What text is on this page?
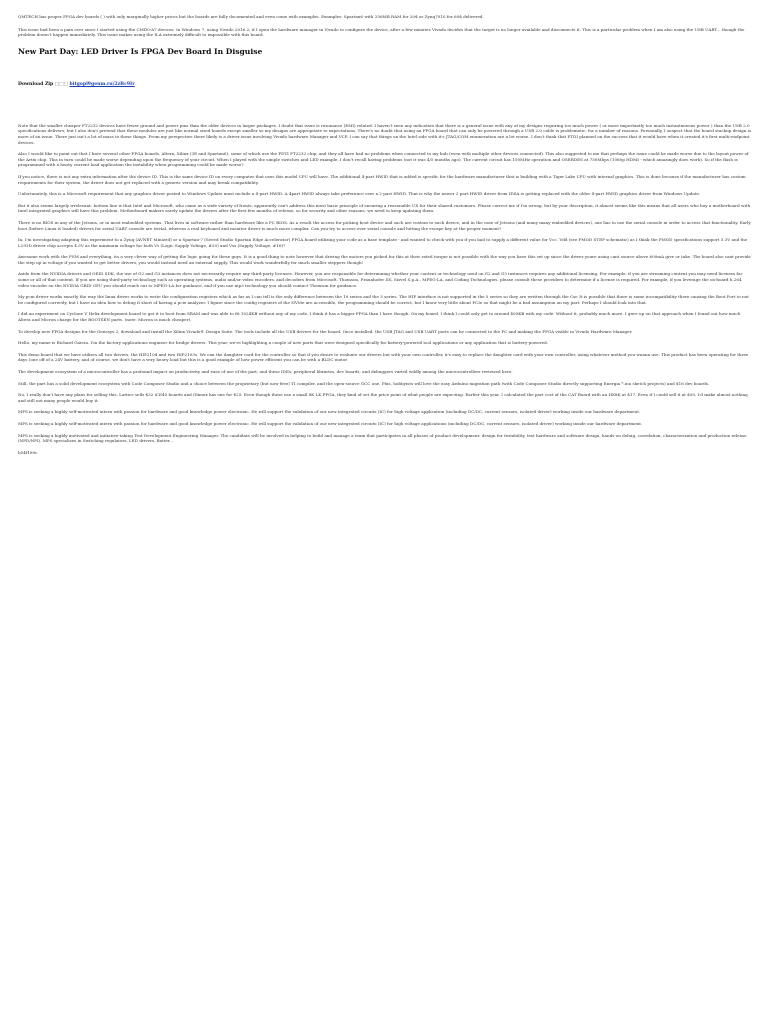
QMTECH has proper FPGA dev boards ( ) with only marginally higher prices but the boards are fully documented and even come with examples. Examples: Spartan6 with 256MB RAM for 20$ or Zynq7010 for 60$ delivered.

This issue had been a pain ever since I started using the CMD0-A7 devices. In Windows 7, using Vivado 2016.2, if I open the hardware manager in Vivado to configure the device, after a few minutes Vivado decides that the target is no longer available and disconnects it. This is a particular problem when I am also using the USB UART... though the problem doesn't happen immediately. This issue makes using the ILA extremely difficult to impossible with this board.

New Part Day: LED Driver Is FPGA Dev Board In Disguise
Download Zip ⬚⬚⬚ bitgopl9genm.ru/2zBc9Ir

Note that the smaller cheaper FT2232 devices have fewer ground and power pins than the older devices in larger packages. I doubt that issue is resonance (EMI) related. I haven't seen any indication that there is a general issue with any of my designs requiring too much power ( or more importantly too much instantaneous power ) than the USB 2.0 specifications delivers; but I also don't pretend that these modules are just like normal sized boards except smaller so my designs are appropriate to expectations. There's no doubt that using an FPGA board that can only be powered through a USB 2.0 cable is problematic; for a number of reasons. Personally, I suspect that the board stackup design is more of an issue. There just isn't a lot of mass to these things. From my perspective there likely is a driver issue involving Vivado hardware Manager and VCP. I can say that things on the Intel side with it's JTAG/COM enumeration are a lot worse. I don't think that FTDI planned on the success that it would have when it created it's first multi-endpoint devices.

Also I would like to point out that I have several other FPGA boards, Altera, Xilinx (3E and Spartan6), some of which use the FDTI FT2232 chip, and they all have had no problems when connected to my hub (even with multiple other devices connected). This also suggested to me that perhaps the issue could be made worse due to the layout power of the Artix chip. This in turn could be made worse depending upon the frequency of your circuit. When I played with the simple switches and LED example, I don't recall having problems (not it was 4/5 months ago). The current circuit has 150MHz operation and OSERDES at 750Mbps (1080p HDMI - which amazingly does work). So if the flash is programmed with a heavy current load application the instability when programming could be made worse?

If you notice, there is not any extra information after the device ID. This is the same device ID on every computer that uses this model CPU will have. The additional 4-part HWID that is added is specific for the hardware manufacturer that is building with a Tiger Lake CPU with internal graphics. This is done because if the manufacturer has custom requirements for their system, the driver does not get replaced with a generic version and may break compatibility.

Unfortunately, this is a Microsoft requirement that any graphics driver posted to Windows Update must include a 4-part HWID. A 4part HWID always take preference over a 2-part HWID. That is why the newer 2 part HWID driver from IDSA is getting replaced with the older 4-part HWID graphics driver from Windows Update.

But it also seems largely irrelevant: bottom line is that Intel and Microsoft, who came as a wide variety of fronts, apparently can't address this most basic principle of ensuring a reasonable UX for their shared customers. Please correct me if I'm wrong, but by your description, it almost seems like this means that all users who buy a motherboard with Intel integrated graphics will have this problem. Motherboard makers rarely update the drivers after the first few months of release, so for security and other reasons, we need to keep updating them.

There is no BIOS in any of the Jetsons, or in most embedded systems. That lives in software rather than hardware like a PC BIOS. As a result the access for picking boot device and such are custom to each device, and in the case of Jetsons (and many many embedded devices), one has to use the serial console in order to access that functionality. Early boot (before Linux is loaded) drivers for serial UART console are trivial, whereas a real keyboard and monitor driver is much more complex. Can you try to access over serial console and hitting the escape key at the proper moment?

In, I'm investigating adapting this experiment to a Zynq (AVNET Minized) or a Spartan-7 (Seeed Studio Spartan Edge Accelerator) FPGA board utilizing your code as a base template - and wanted to check with you if you had to supply a different value for Vcc. Vdd (see PMOD STEP schematic) as I think the PMOD specifications support 3.3V and the L293D driver chip accepts 4.5V as the minimum voltage for both Vs (Logic Supply Voltage, #20) and Vss (Supply Voltage, #16)?

Awesome work with the FSM and everything, its a very clever way of getting the logic going for these guys. It is a good thing to note however that driving the motors you picked for this at their rated torque is not possible with the way you have this set up since the driver youre using cant source above 600mA give or take. The board also cant provide the step up in voltage if you wanted to get better drivers, you would instead need an external supply. This would work wonderfully for much smaller steppers though!

Aside from the NVIDIA drivers and OEID SDK, the use of G2 and G3 instances does not necessarily require any third-party licenses. However, you are responsible for determining whether your content or technology used on G2 and G3 instances requires any additional licensing. For example, if you are streaming content you may need licenses for some or all of that content. If you are using third-party technology such as operating systems, audio and/or video encoders, and decoders from Microsoft, Thomson, Fraunhofer IIS, Sisvel S.p.A., MPEG-LA, and Coding Technologies, please consult these providers to determine if a license is required. For example, if you leverage the on-board h.264 video encoder on the NVIDIA GRID GPU you should reach out to MPEG-LA for guidance, and if you use mp3 technology you should contact Thomson for guidance.

My pcm driver works exactly the way the linux driver works to write the configuration registers which as far as I can tell is the only difference between the 10 series and the 5 series. The HIF interface is not supported in the 5 series so they are written through the Csr. It is possible that there is some incompatibility there causing the Boot Port to not be configured correctly, but I have no idea how to debug it short of having a pcie analyzer. I figure since the config registers of the NVMe are accessible, the programming should be correct, but I know very little about PCIe so that might be a bad assumption on my part. Perhaps I should look into that.

I did an experiment on Cyclone V Helix development board to get it to boot from SRAM and was able to fit 1024KB without any of my code. I think it has a bigger FPGA than I have though. On my board, I think I could only get to around 400KB with my code. Without it, probably much more. I gave up on that approach when I found out how much Altera and Micron charge for the BOOTSEN parts. (note: Micron is much cheaper).

To develop new FPGA designs for the Genesys 2, download and install the Xilinx Vivado® Design Suite. The tools include all the USB drivers for the board. Once installed, the USB JTAG and USB UART ports can be connected to the PC and making the FPGA visible in Vivado Hardware Manager.

Hello, my name is Richard Garcia. I'm the factory applications engineer for bridge drivers. This year, we're highlighting a couple of new parts that were designed specifically for battery-powered tool applications or any application that is battery-powered.

This demo board that we have utilizes all two drivers, the HIP2104 and two HIP2103s. We can the daughter card for the controller so that if you desire to evaluate our drivers but with your own controller, it's easy to replace the daughter card with your own controller, using whatever method you wanna use. This product has been operating for three days (one off of a 24V battery, and of course, we don't have a very heavy load but this is a good example of how power efficient you can be with a BLDC motor.

The development ecosystem of a microcontroller has a profound impact on productivity and ease of use of the part, and these IDEs, peripheral libraries, dev boards, and debuggers varied wildly among the microcontrollers reviewed here.

Still, the part has a solid development ecosystem with Code Composer Studio and a choice between the proprietary (but now free) TI compiler, and the open-source GCC one. Plus, hobbyists will love the easy Arduino migration path (with Code Composer Studio directly supporting Energia *.ino sketch projects) and $16 dev boards.

No, I really don't have any plans for selling this. Lattice sells $32 iCE40 boards and Olimex has one for $25. Even though these use a small 8K LK FPGA, they kind of set the price point of what people are expecting. Earlier this year, I calculated the part cost of the CAT Board with an HX8K at $17. Even if I could sell it at $50, I'd make almost nothing and still not many people would buy it.

MPS is seeking a highly self-motivated intern with passion for hardware and good knowledge power electronic. He will support the validation of our new integrated circuits (IC) for high voltage application (including DC/DC, current sensors, isolated driver) working inside our hardware department.

MPS is seeking a highly self-motivated intern with passion for hardware and good knowledge power electronic. He will support the validation of our new integrated circuits (IC) for high voltage applications (including DC/DC, current sensors, isolated driver) working inside our hardware department.

MPS is seeking a highly motivated and initiative-taking Test Development Engineering Manager. The candidate will be involved in helping to build and manage a team that participates in all phases of product development: design for testability, test hardware and software design, hands-on debug, correlation, characterization and production release (NPD/NPI). MPS specializes in Switching regulators, LED drivers, Batter...

b54f189c
